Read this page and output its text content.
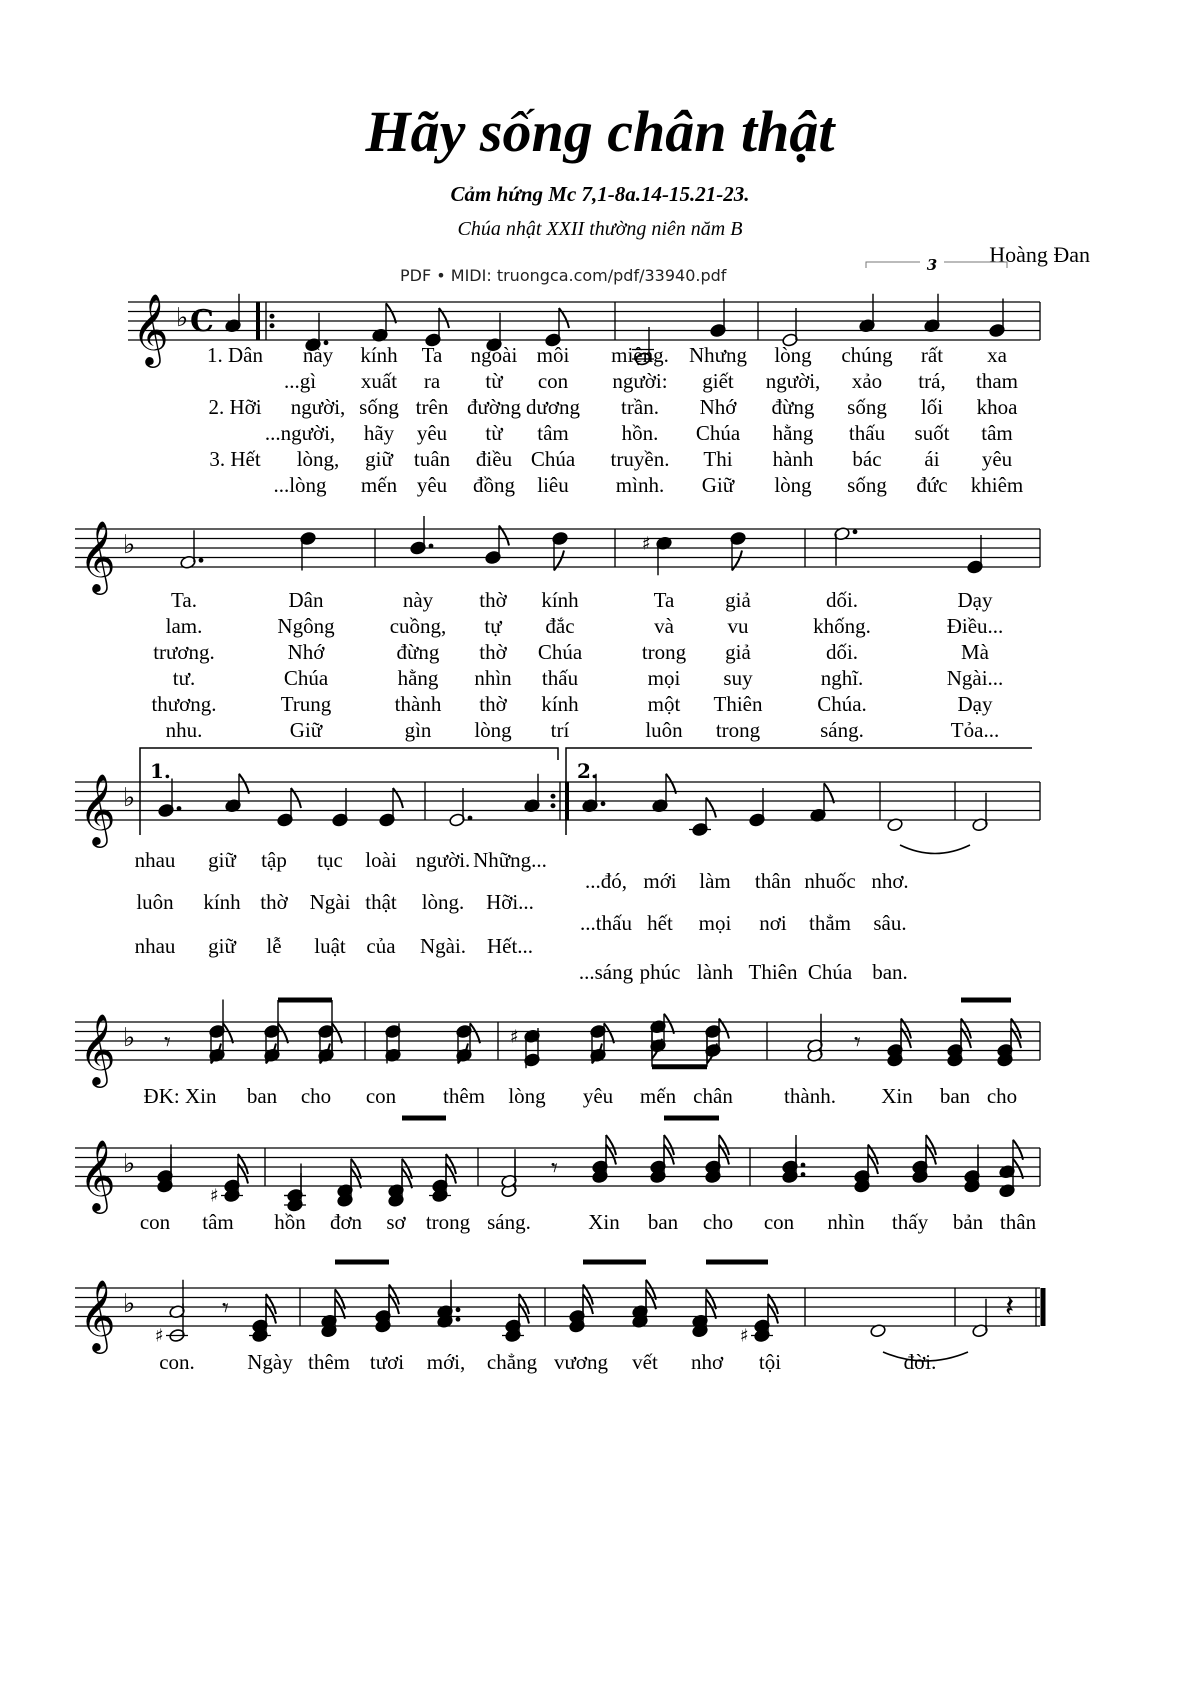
Hãy sống chân thật
Cảm hứng Mc 7,1-8a.14-15.21-23.
Chúa nhật XXII thường niên năm B
Hoàng Đan
PDF • MIDI: truongca.com/pdf/33940.pdf
𝄞 ♭ C
3
𝄞 ♭	♯
𝄞 ♭
1.	2.
𝄞 ♭ 𝄾	♯	𝄾
𝄞 ♭
♯
𝄾
𝄞 ♭
♯
𝄾
♯
𝄽
1. Dân này kính Ta ngoài môi miệng. Nhưng lòng chúng rất xa
...gì xuất ra từ con người: giết người, xảo trá, tham
2. Hỡi người, sống trên đường dương trần. Nhớ đừng sống lối khoa
...người, hãy yêu từ tâm	hồn. Chúa hằng thấu suốt tâm
3. Hết lòng, giữ tuân điều Chúa truyền. Thi hành bác ái yêu
...lòng mến yêu đồng liêu mình. Giữ lòng sống đức khiêm
Ta.	Dân	này thờ kính	Ta giả	dối.	Dạy
lam.	Ngông	cuồng, tự đắc	và	vu	khống.	Điều...
trương.	Nhớ	đừng thờ Chúa	trong giả	dối.	Mà
tư.	Chúa	hằng nhìn thấu	mọi suy	nghĩ.	Ngài...
thương.	Trung	thành thờ kính	một Thiên	Chúa.	Dạy
nhu.	Giữ	gìn lòng trí	luôn trong	sáng.	Tỏa...
nhau giữ tập tục loài người. Những...
luôn kính thờ Ngài thật lòng. Hỡi...
nhau giữ lễ luật của Ngài. Hết...
...đó, mới làm thân nhuốc nhơ.
...thấu hết mọi nơi thẳm sâu.
...sáng phúc lành Thiên Chúa ban.
ĐK: Xin ban cho con thêm lòng yêu mến chân thành. Xin ban cho
con tâm hồn đơn sơ trong sáng.	Xin ban cho con nhìn thấy bản thân
con. Ngày thêm tươi mới, chẳng vương vết nhơ tội	đời.
